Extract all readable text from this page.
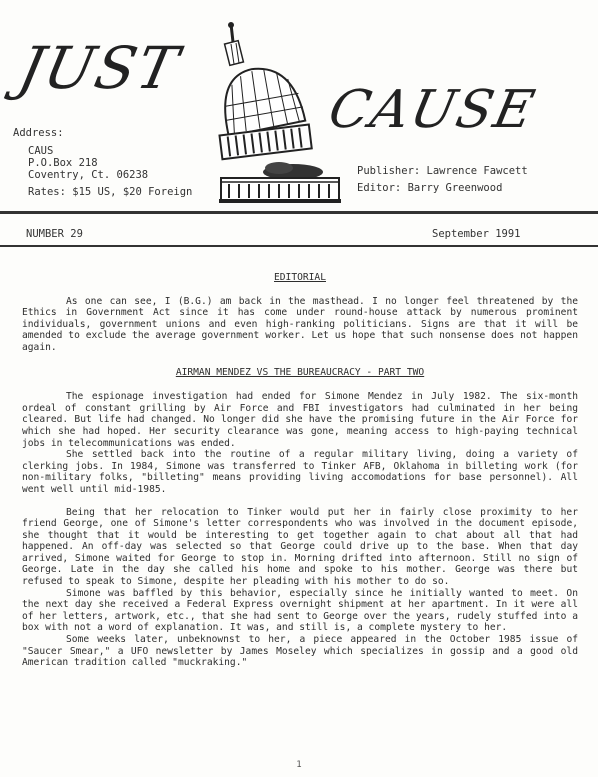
JUST
CAUSE
Address:
CAUS
P.O.Box 218
Coventry, Ct. 06238
Rates: $15 US, $20 Foreign
Publisher: Lawrence Fawcett
Editor: Barry Greenwood
NUMBER 29	September 1991
EDITORIAL

As one can see, I (B.G.) am back in the masthead. I no longer feel threatened by the Ethics in Government Act since it has come under round-house attack by numerous prominent individuals, government unions and even high-ranking politicians. Signs are that it will be amended to exclude the average government worker. Let us hope that such nonsense does not happen again.

AIRMAN MENDEZ VS THE BUREAUCRACY - PART TWO

The espionage investigation had ended for Simone Mendez in July 1982. The six-month ordeal of constant grilling by Air Force and FBI investigators had culminated in her being cleared. But life had changed. No longer did she have the promising future in the Air Force for which she had hoped. Her security clearance was gone, meaning access to high-paying technical jobs in telecommunications was ended.

She settled back into the routine of a regular military living, doing a variety of clerking jobs. In 1984, Simone was transferred to Tinker AFB, Oklahoma in billeting work (for non-military folks, "billeting" means providing living accomodations for base personnel). All went well until mid-1985.

Being that her relocation to Tinker would put her in fairly close proximity to her friend George, one of Simone's letter correspondents who was involved in the document episode, she thought that it would be interesting to get together again to chat about all that had happened. An off-day was selected so that George could drive up to the base. When that day arrived, Simone waited for George to stop in. Morning drifted into afternoon. Still no sign of George. Late in the day she called his home and spoke to his mother. George was there but refused to speak to Simone, despite her pleading with his mother to do so.

Simone was baffled by this behavior, especially since he initially wanted to meet. On the next day she received a Federal Express overnight shipment at her apartment. In it were all of her letters, artwork, etc., that she had sent to George over the years, rudely stuffed into a box with not a word of explanation. It was, and still is, a complete mystery to her.

Some weeks later, unbeknownst to her, a piece appeared in the October 1985 issue of "Saucer Smear," a UFO newsletter by James Moseley which specializes in gossip and a good old American tradition called "muckraking."

1
